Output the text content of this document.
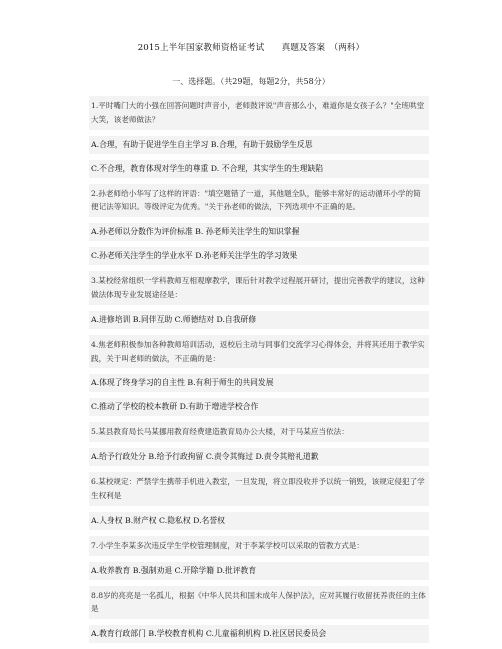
2015上半年国家教师资格证考试　　真题及答案　（两科）
一、选择题。（共29题，每题2分，共58分）
1.平时嘴门大的小强在回答问题时声音小，老师鼓评说"声音那么小，难道你是女孩子么？"全班哄堂大笑，该老师做法？
A.合理，有助于促进学生自主学习 B.合理，有助于鼓励学生反思
C.不合理，教育体现对学生的尊重 D. 不合理，其实学生的生理缺陷
2.孙老师给小华写了这样的评语："填空题错了一道，其他题全队，能够丰常好的运动循环小学的简便记法等知识。等级评定为优秀。"关于孙老师的做法，下列选项中不正确的是。
A.孙老师以分数作为评价标准 B. 孙老师关注学生的知识掌握
C.孙老师关注学生的学业水平 D.孙老师关注学生的学习效果
3.某校经常组织一学科教师互相观摩教学，课后针对教学过程展开研讨，提出完善教学的建议，这种做法体现专业发展途径是：
A.进修培训 B.同伴互助 C.师德结对 D.自我研修
4.焦老师积极参加各种教师培训活动，返校后主动与同事们交流学习心得体会，并将其还用于教学实践，关于叫老师的做法，不正确的是：
A.体现了终身学习的自主性 B.有利于师生的共同发展
C.推动了学校的校本教研 D.有助于增进学校合作
5.某县教育局长马某挪用教育经费建造教育局办公大楼，对于马某应当依法：
A.给予行政处分 B.给予行政拘留 C.责令其悔过 D.责令其赔礼道歉
6.某校规定：严禁学生携带手机进入教室，一旦发现，将立即没收并予以统一销毁，该规定侵犯了学生权利是
A.人身权 B.财产权 C.隐私权 D.名誉权
7.小学生李某多次违反学生学校管理制度，对于李某学校可以采取的管教方式是：
A.收养教育 B.强制劝退 C.开除学籍 D.批评教育
8.8岁的亮亮是一名孤儿，根据《中华人民共和国未成年人保护法》，应对其履行收留抚养责任的主体是
A.教育行政部门 B.学校教育机构 C.儿童福利机构 D.社区居民委员会
